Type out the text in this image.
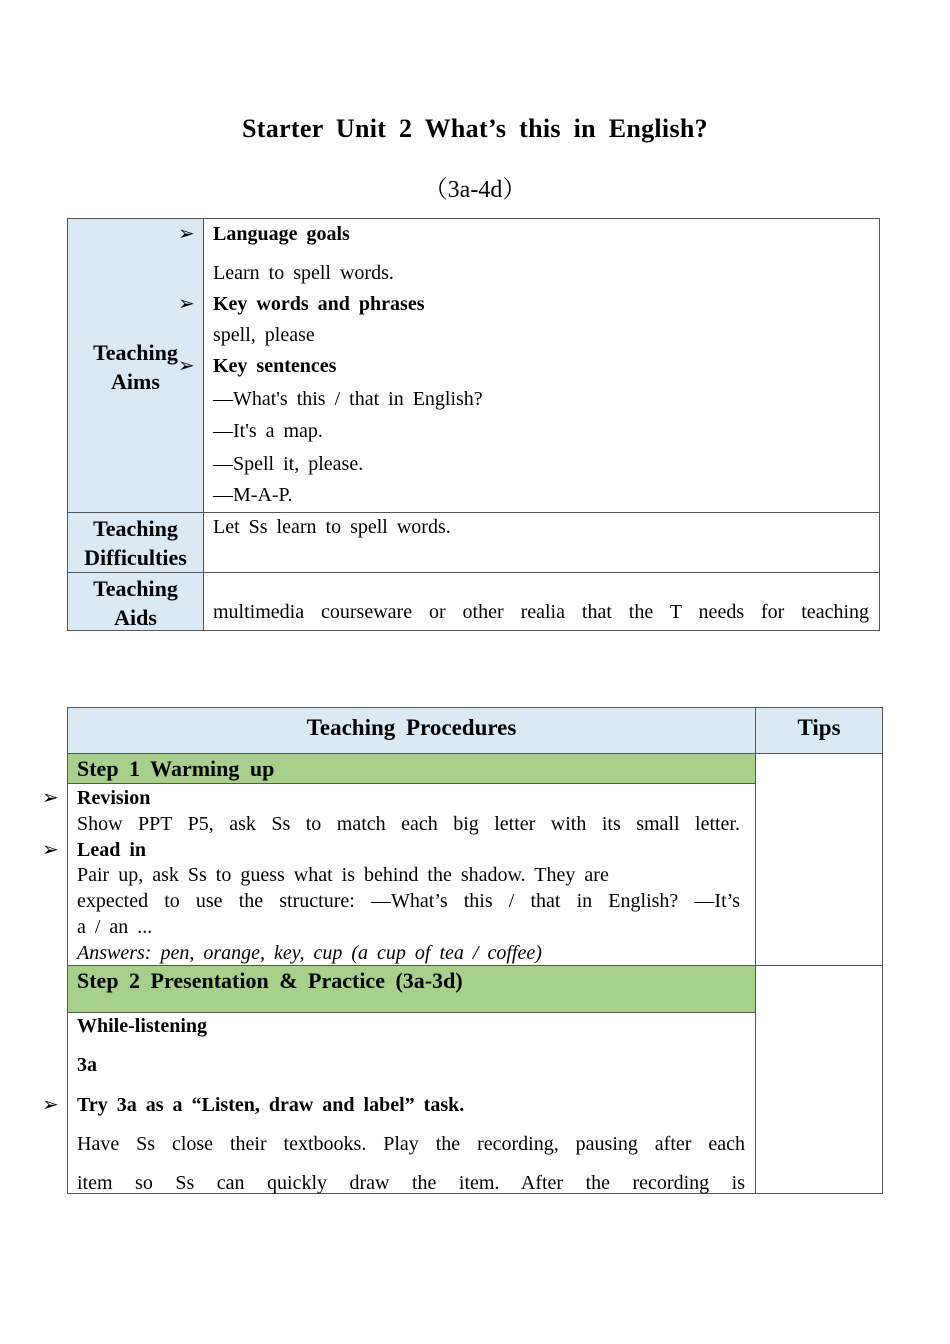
Starter Unit 2 What’s this in English?
（3a-4d）
Teaching
Aims
➢
➢
➢
Language goals
Learn to spell words.
Key words and phrases
spell, please
Key sentences
—What's this / that in English?
—It's a map.
—Spell it, please.
—M-A-P.
Teaching
Difficulties
Let Ss learn to spell words.
Teaching
Aids	multimedia courseware or other realia that the T needs for teaching
Teaching Procedures	Tips
Step 1 Warming up
➢
➢
Revision
Show PPT P5, ask Ss to match each big letter with its small letter.
Lead in
Pair up, ask Ss to guess what is behind the shadow. They are
expected to use the structure: —What’s this / that in English? —It’s
a / an ...
Answers: pen, orange, key, cup (a cup of tea / coffee)
Step 2 Presentation & Practice (3a-3d)
➢
While-listening
3a
Try 3a as a “Listen, draw and label” task.
Have Ss close their textbooks. Play the recording, pausing after each
item so Ss can quickly draw the item. After the recording is
